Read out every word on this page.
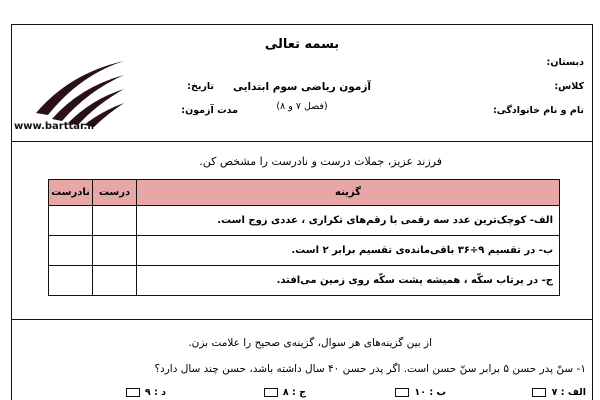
بسمه تعالی
www.barttar.ir
دبستان:
کلاس:
نام و نام خانوادگی:
تاریخ:
مدت آزمون:
آزمون ریاضی سوم ابتدایی
(فصل ۷ و ۸)
فرزند عزیز، جملات درست و نادرست را مشخص کن.
گزینه	درست	نادرست
الف- کوچک‌ترین عدد سه رقمی با رقم‌های تکراری ، عددی زوج است.		
ب- در تقسیم ۹÷۳۶ باقی‌مانده‌ی تقسیم برابر ۲ است.		
ج- در پرتاب سکّه ، همیشه پشت سکّه روی زمین می‌افتد.		
از بین گزینه‌های هر سوال، گزینه‌ی صحیح را علامت بزن.
۱- سنّ پدر حسن ۵ برابر سنّ حسن است. اگر پدر حسن ۴۰ سال داشته باشد، حسن چند سال دارد؟
الف : ۷
ب : ۱۰
ج : ۸
د : ۹
